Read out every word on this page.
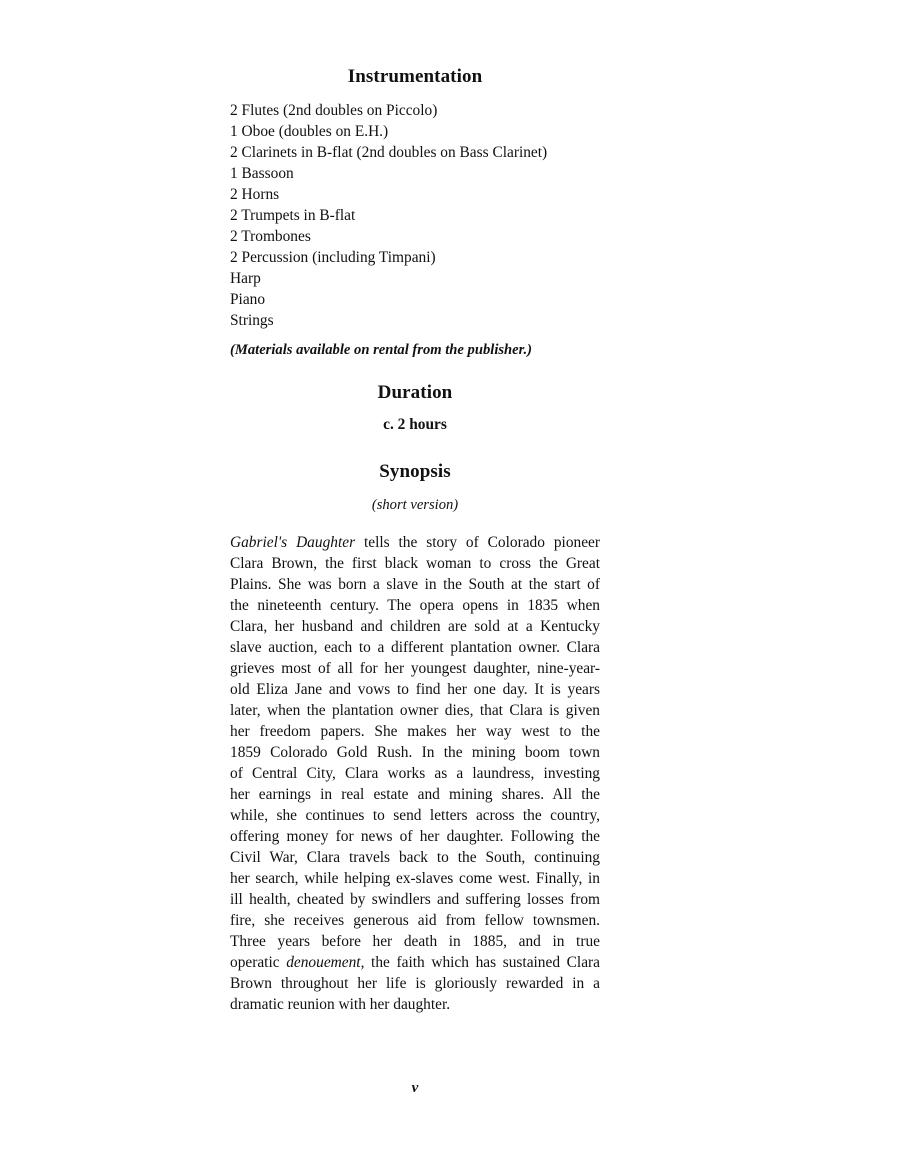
Instrumentation
2 Flutes (2nd doubles on Piccolo)
1 Oboe (doubles on E.H.)
2 Clarinets in B-flat (2nd doubles on Bass Clarinet)
1 Bassoon
2 Horns
2 Trumpets in B-flat
2 Trombones
2 Percussion (including Timpani)
Harp
Piano
Strings
(Materials available on rental from the publisher.)
Duration
c. 2 hours
Synopsis
(short version)
Gabriel's Daughter tells the story of Colorado pioneer
Clara Brown, the first black woman to cross the Great
Plains. She was born a slave in the South at the start of
the nineteenth century. The opera opens in 1835 when
Clara, her husband and children are sold at a Kentucky
slave auction, each to a different plantation owner. Clara
grieves most of all for her youngest daughter, nine-year-
old Eliza Jane and vows to find her one day. It is years
later, when the plantation owner dies, that Clara is given
her freedom papers. She makes her way west to the
1859 Colorado Gold Rush. In the mining boom town
of Central City, Clara works as a laundress, investing
her earnings in real estate and mining shares. All the
while, she continues to send letters across the country,
offering money for news of her daughter. Following the
Civil War, Clara travels back to the South, continuing
her search, while helping ex-slaves come west. Finally, in
ill health, cheated by swindlers and suffering losses from
fire, she receives generous aid from fellow townsmen.
Three years before her death in 1885, and in true
operatic denouement, the faith which has sustained Clara
Brown throughout her life is gloriously rewarded in a
dramatic reunion with her daughter.
v
